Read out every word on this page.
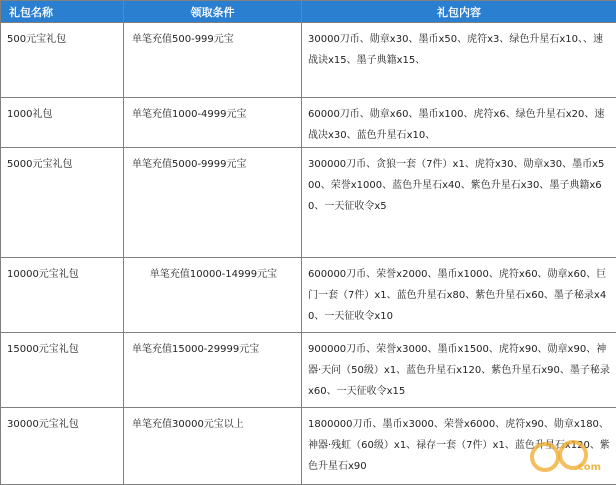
礼包名称	领取条件	礼包内容

500元宝礼包	单笔充值500-999元宝	30000刀币、勋章x30、墨币x50、虎符x3、绿色升星石x10、、速战诀x15、墨子典籍x15、

1000礼包	单笔充值1000-4999元宝	60000刀币、勋章x60、墨币x100、虎符x6、绿色升星石x20、速战决x30、蓝色升星石x10、

5000元宝礼包	单笔充值5000-9999元宝	300000刀币、贪狼一套（7件）x1、虎符x30、勋章x30、墨币x500、荣誉x1000、蓝色升星石x40、紫色升星石x30、墨子典籍x60、一天征收令x5

10000元宝礼包	单笔充值10000-14999元宝	600000刀币、荣誉x2000、墨币x1000、虎符x60、勋章x60、巨门一套（7件）x1、蓝色升星石x80、紫色升星石x60、墨子秘录x40、一天征收令x10

15000元宝礼包	单笔充值15000-29999元宝	900000刀币、荣誉x3000、墨币x1500、虎符x90、勋章x90、神器·天问（50级）x1、蓝色升星石x120、紫色升星石x90、墨子秘录x60、一天征收令x15

30000元宝礼包	单笔充值30000元宝以上	1800000刀币、墨币x3000、荣誉x6000、虎符x90、勋章x180、神器·残虹（60级）x1、禄存一套（7件）x1、蓝色升星石x120、紫色升星石x90	.com
